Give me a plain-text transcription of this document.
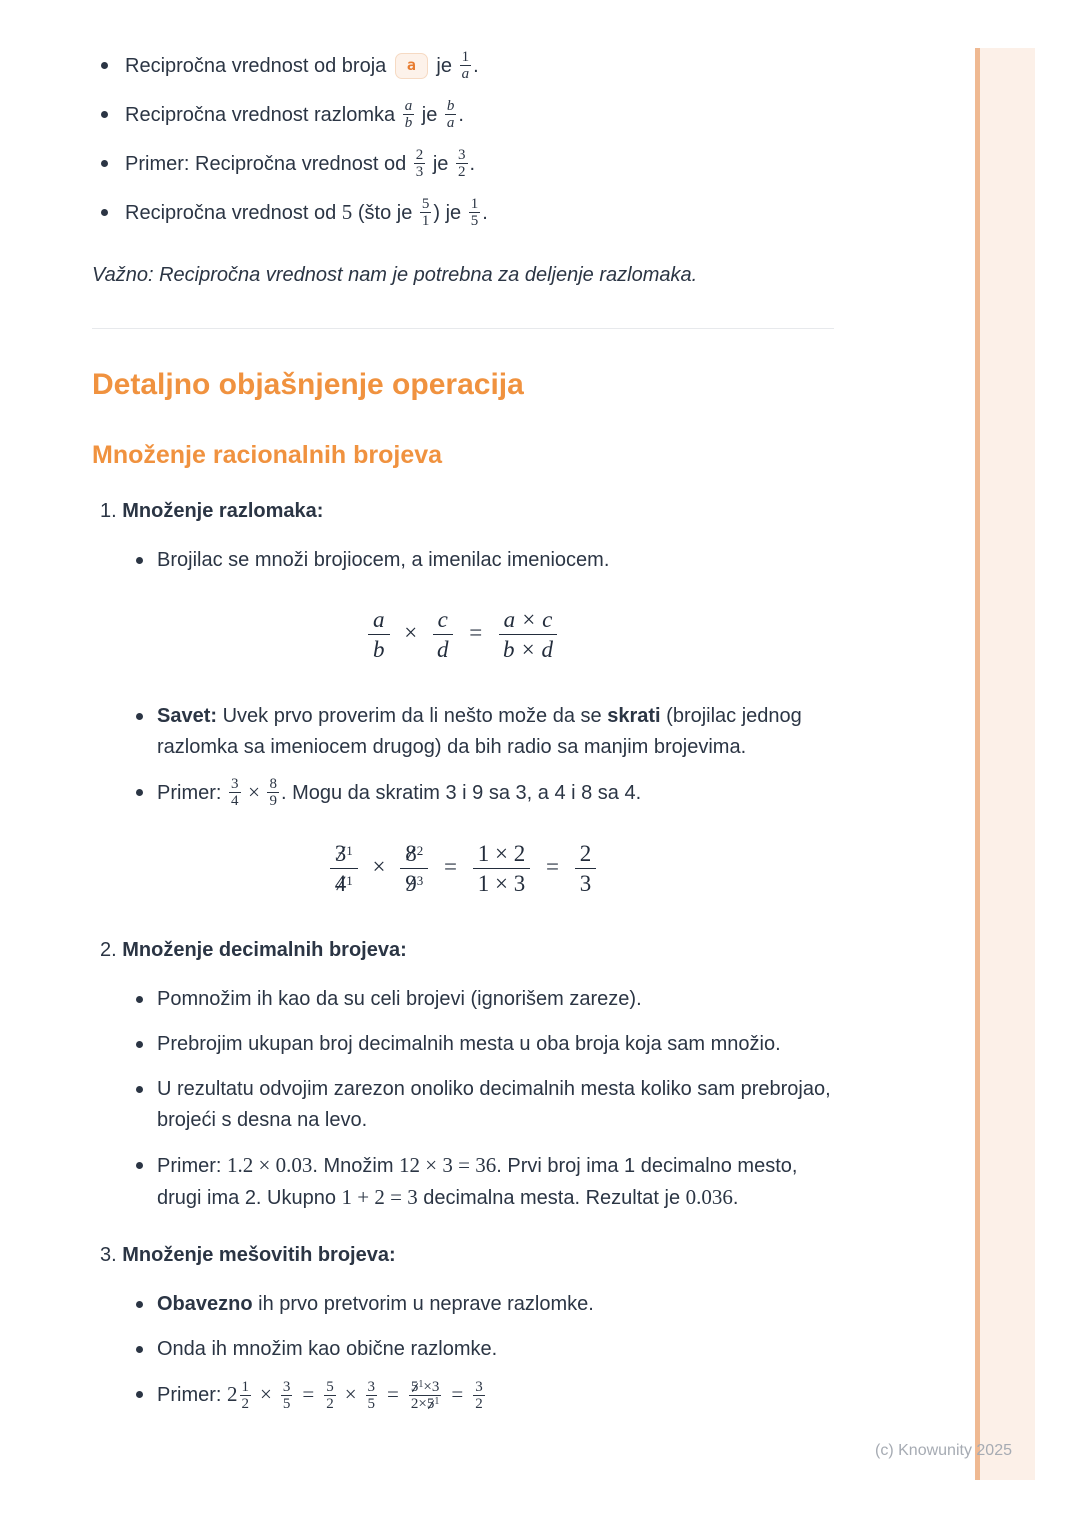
Recipročna vrednost od broja a je $\frac{1}{a}$ .
Recipročna vrednost razlomka $\frac{a}{b}$ je $\frac{b}{a}$ .
Primer: Recipročna vrednost od $\frac{2}{3}$ je $\frac{3}{2}$ .
Recipročna vrednost od 5 (što je $\frac{5}{1}$ ) je $\frac{1}{5}$ .

Važno: Recipročna vrednost nam je potrebna za deljenje razlomaka.

Detaljno objašnjenje operacija
Množenje racionalnih brojeva
1. Množenje razlomaka:
Brojilac se množi brojiocem, a imenilac imeniocem.
$\frac{a}{b} \times \frac{c}{d} = \frac{a \times c}{b \times d}$
Savet: Uvek prvo proverim da li nešto može da se skrati (brojilac jednog razlomka sa imeniocem drugog) da bih radio sa manjim brojevima.
Primer: $\frac{3}{4} \times \frac{8}{9}$ . Mogu da skratim 3 i 9 sa 3, a 4 i 8 sa 4.
$\frac{3^1}{4^1} \times \frac{8^2}{9^3} = \frac{1 \times 2}{1 \times 3} = \frac{2}{3}$
2. Množenje decimalnih brojeva:
Pomnožim ih kao da su celi brojevi (ignorišem zareze).
Prebrojim ukupan broj decimalnih mesta u oba broja koja sam množio.
U rezultatu odvojim zarezon onoliko decimalnih mesta koliko sam prebrojao, brojeći s desna na levo.
Primer: 1.2 × 0.03. Množim 12 × 3 = 36. Prvi broj ima 1 decimalno mesto, drugi ima 2. Ukupno 1 + 2 = 3 decimalna mesta. Rezultat je 0.036.
3. Množenje mešovitih brojeva:
Obavezno ih prvo pretvorim u neprave razlomke.
Onda ih množim kao obične razlomke.
Primer: $2 \frac{1}{2} \times \frac{3}{5} = \frac{5}{2} \times \frac{3}{5} = \frac{5^1\times 3}{2\times 5^1} = \frac{3}{2}$
(c) Knowunity 2025
